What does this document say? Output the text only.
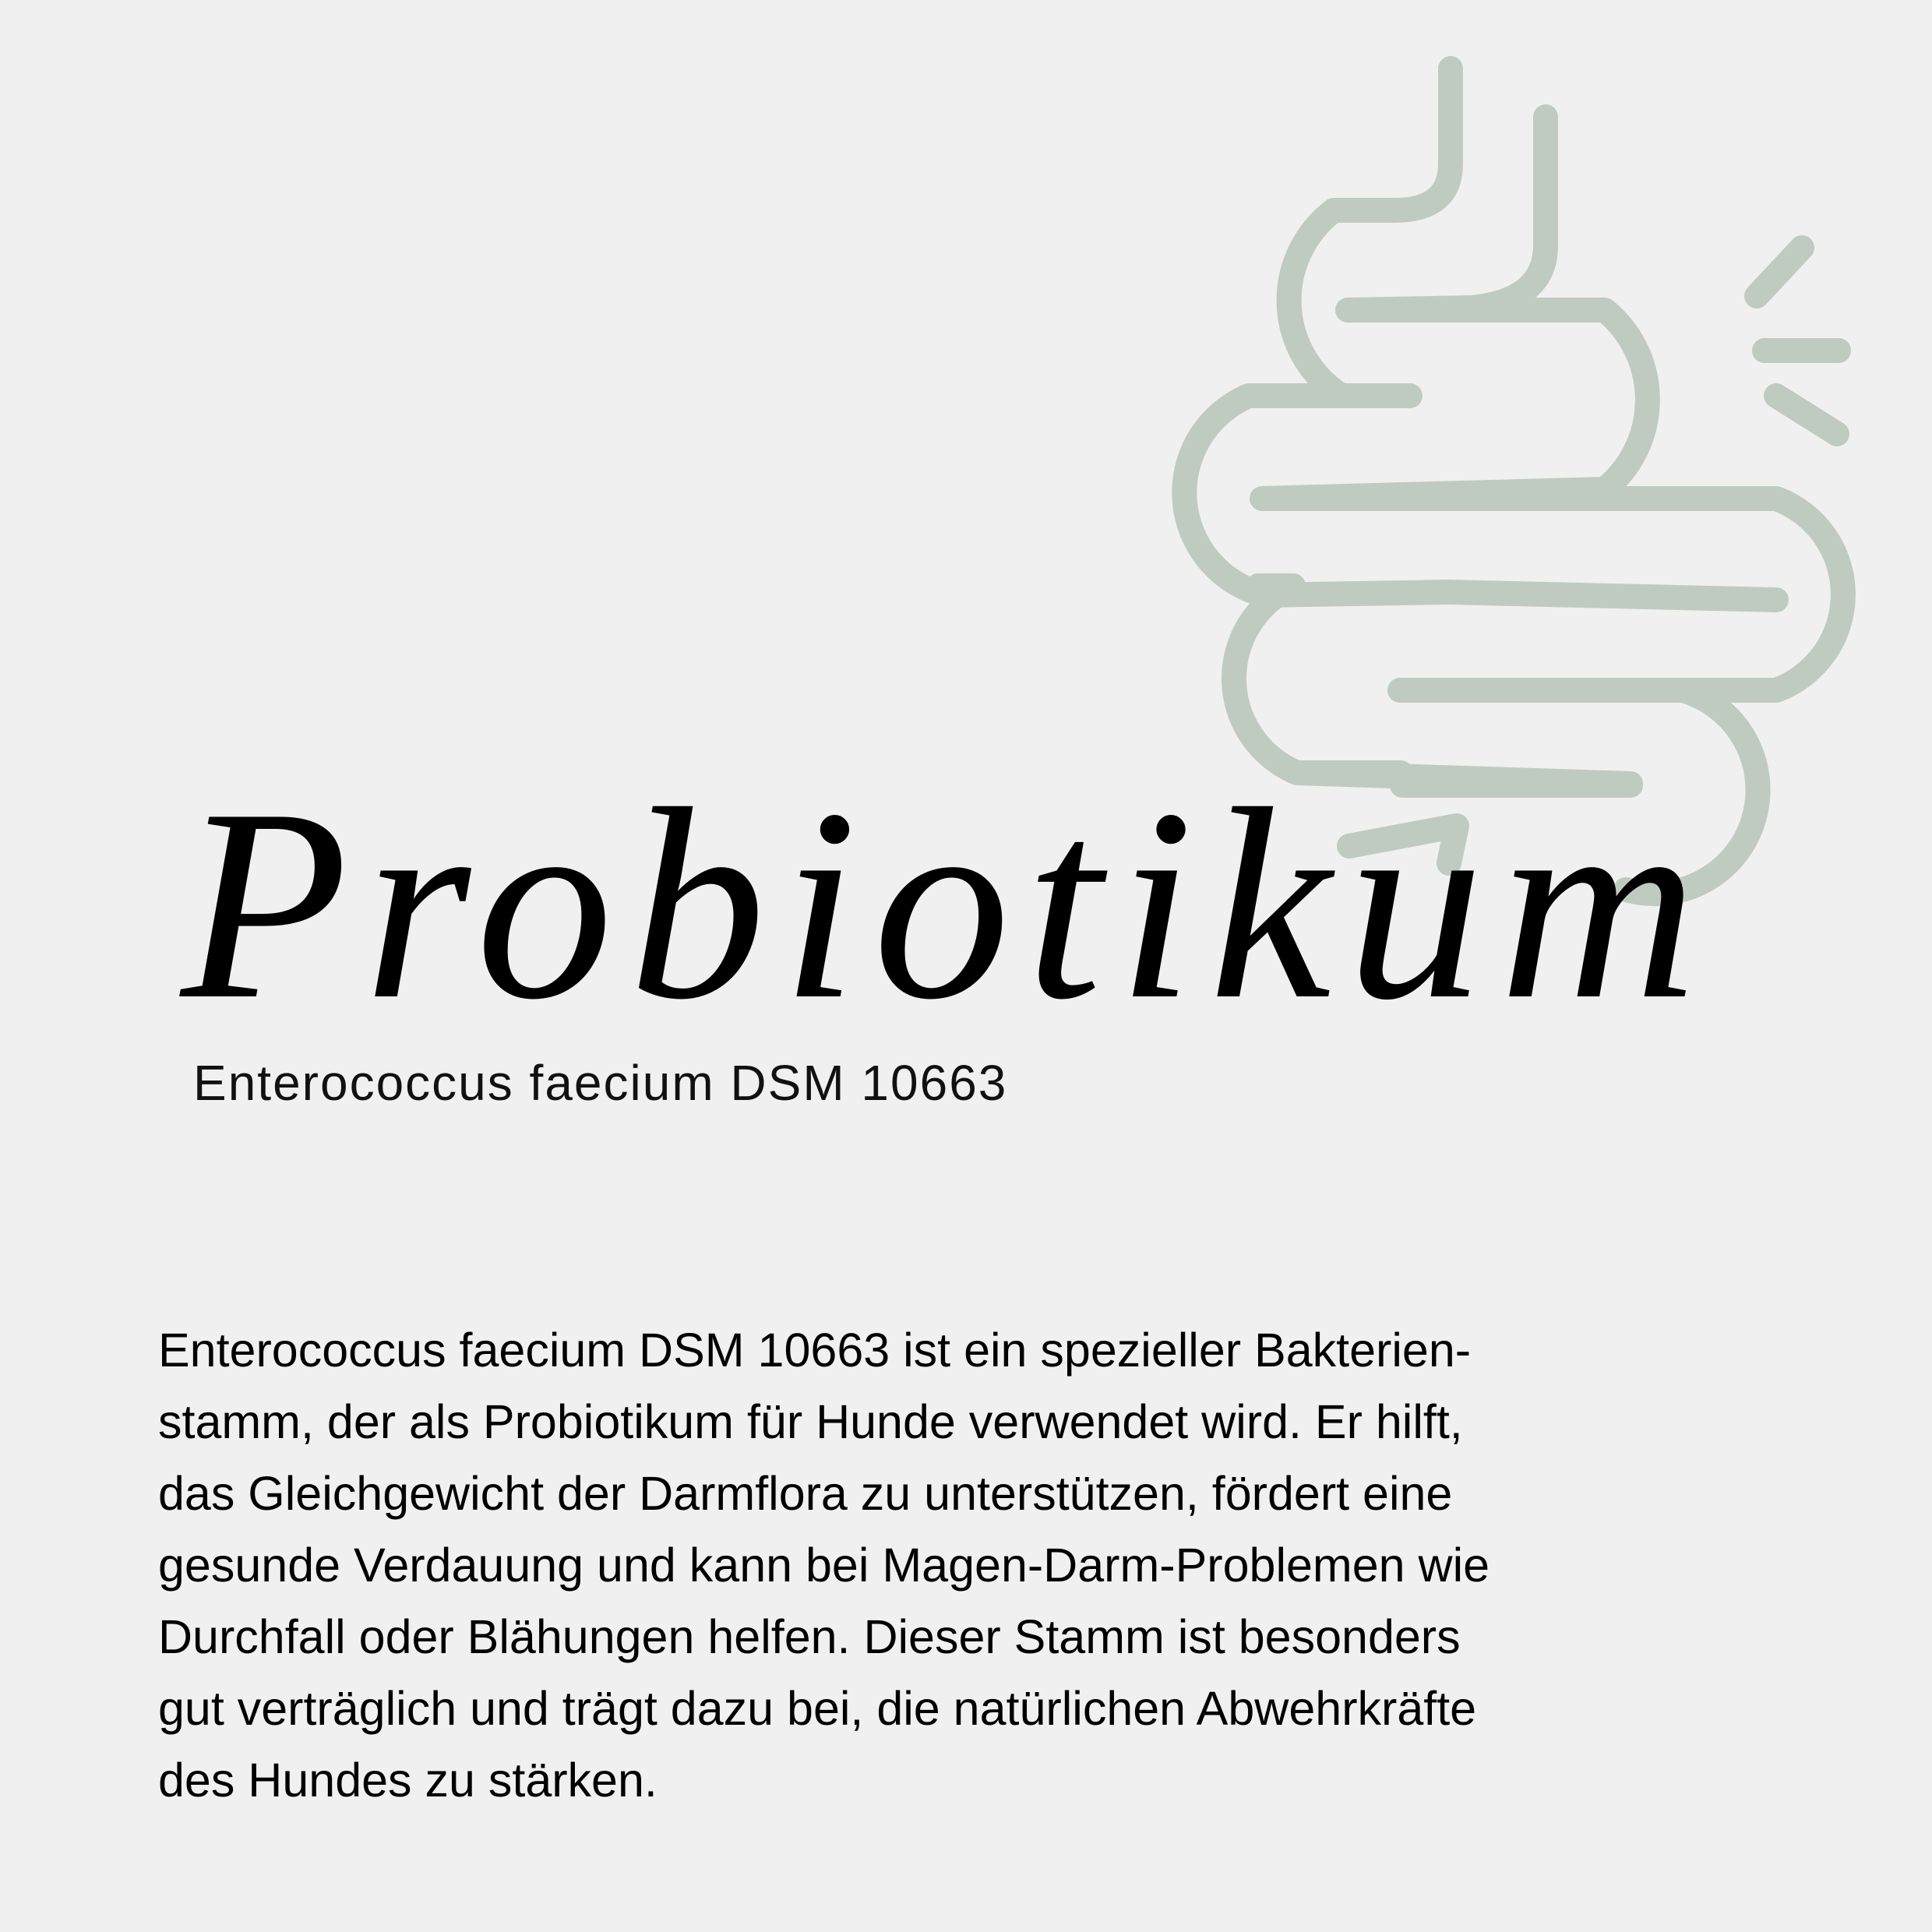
Probiotikum

Enterococcus faecium DSM 10663

Enterococcus faecium DSM 10663 ist ein spezieller Bakterien-
stamm, der als Probiotikum für Hunde verwendet wird. Er hilft,
das Gleichgewicht der Darmflora zu unterstützen, fördert eine
gesunde Verdauung und kann bei Magen-Darm-Problemen wie
Durchfall oder Blähungen helfen. Dieser Stamm ist besonders
gut verträglich und trägt dazu bei, die natürlichen Abwehrkräfte
des Hundes zu stärken.
